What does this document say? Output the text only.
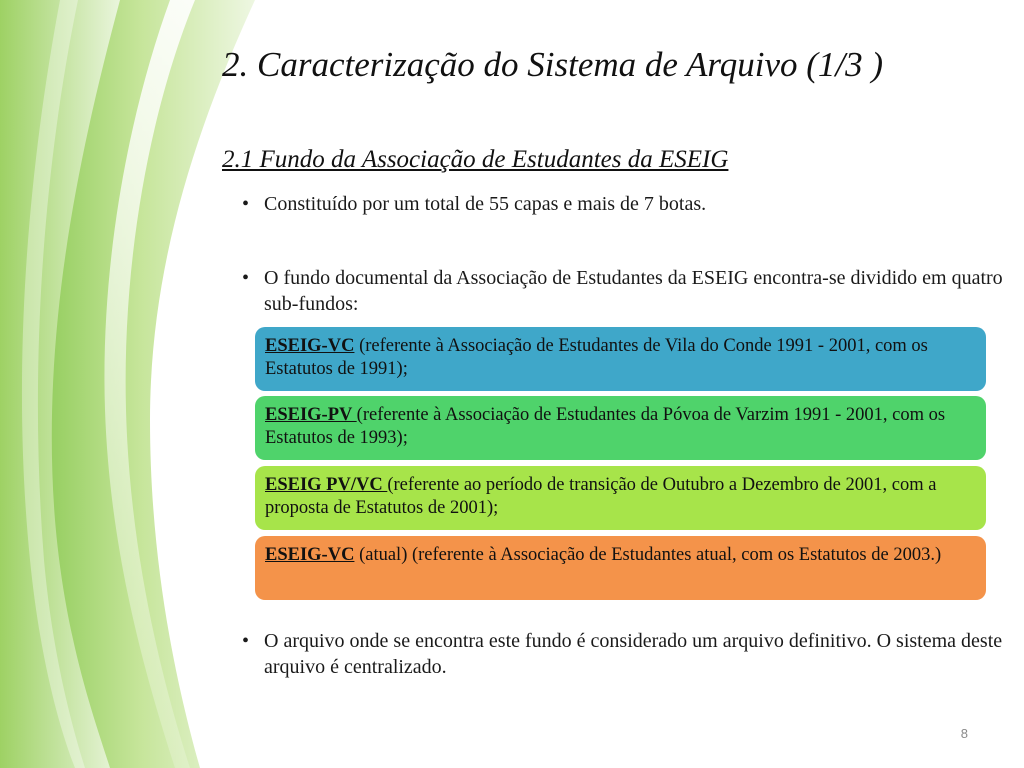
2. Caracterização do Sistema de Arquivo (1/3 )
2.1 Fundo da Associação de Estudantes da ESEIG
• Constituído por um total de 55 capas e mais de 7 botas.
• O fundo documental da Associação de Estudantes da ESEIG encontra-se dividido em quatro sub-fundos:
ESEIG-VC (referente à Associação de Estudantes de Vila do Conde 1991 - 2001, com os Estatutos de 1991);
ESEIG-PV (referente à Associação de Estudantes da Póvoa de Varzim 1991 - 2001, com os Estatutos de 1993);
ESEIG PV/VC (referente ao período de transição de Outubro a Dezembro de 2001, com a proposta de Estatutos de 2001);
ESEIG-VC (atual) (referente à Associação de Estudantes atual, com os Estatutos de 2003.)
• O arquivo onde se encontra este fundo é considerado um arquivo definitivo. O sistema deste arquivo é centralizado.
8
